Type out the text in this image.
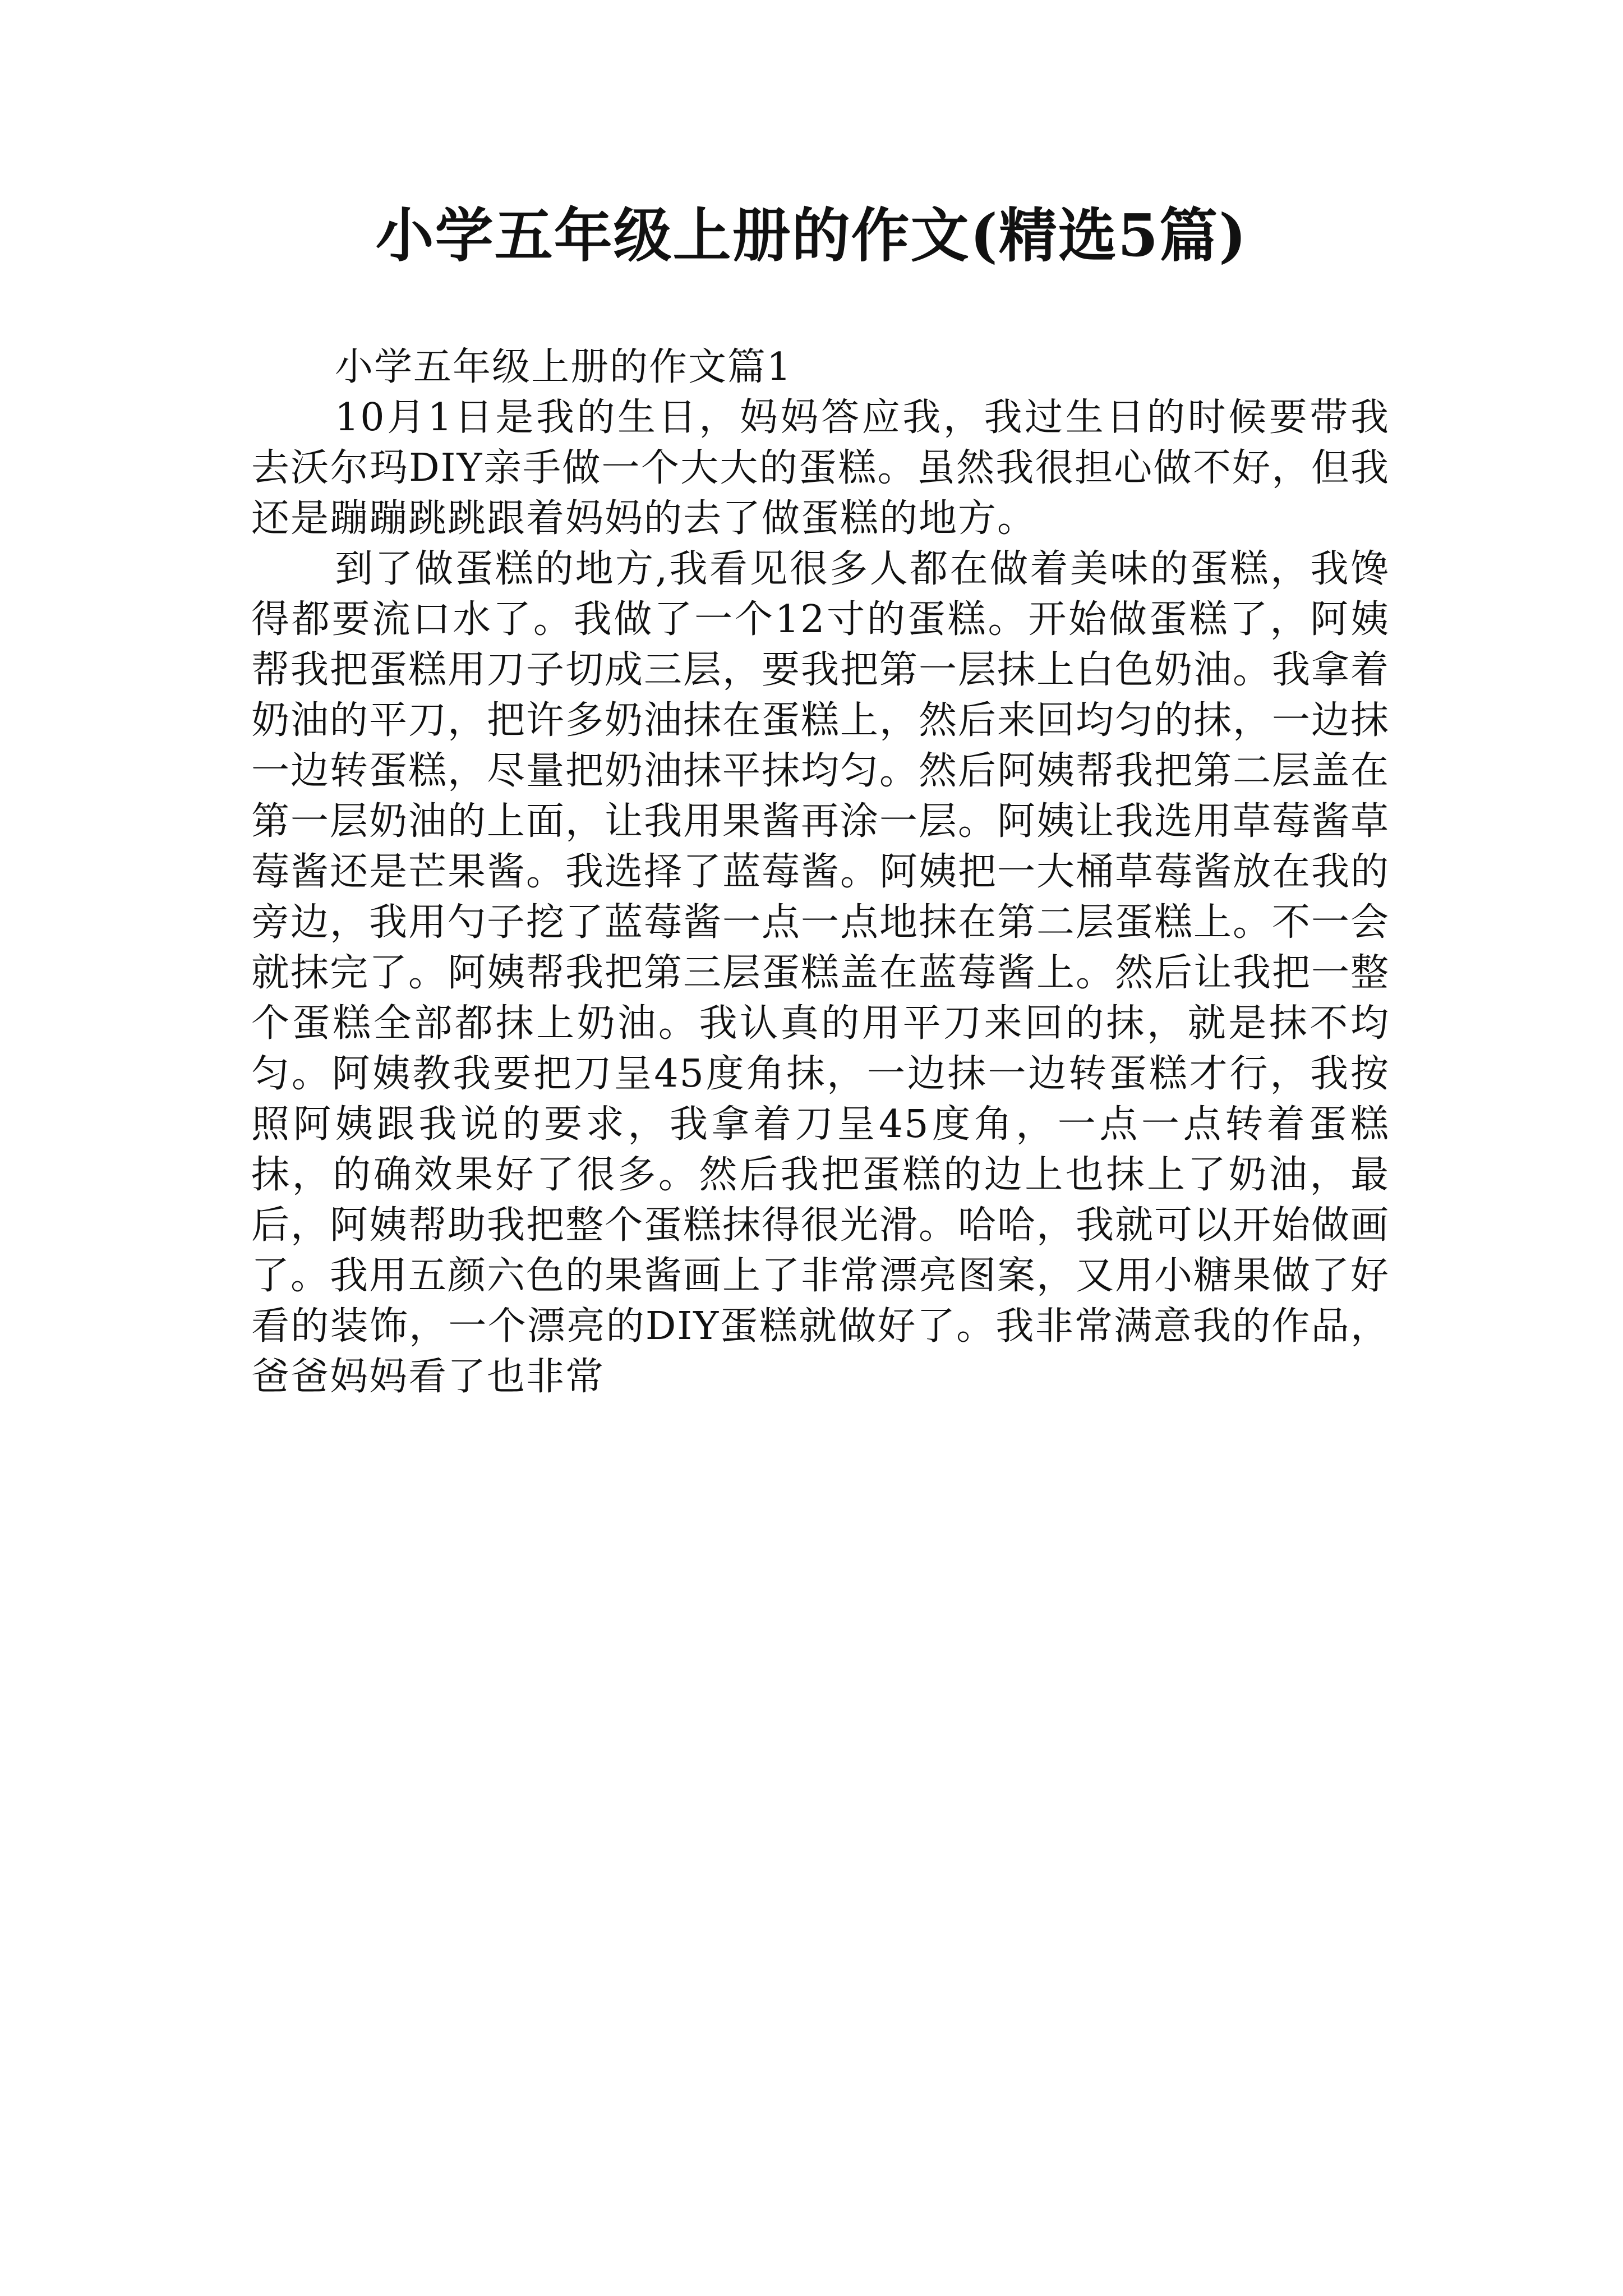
小学五年级上册的作文(精选5篇)
小学五年级上册的作文篇1

10月1日是我的生日，妈妈答应我，我过生日的时候要带我去沃尔玛DIY亲手做一个大大的蛋糕。虽然我很担心做不好，但我还是蹦蹦跳跳跟着妈妈的去了做蛋糕的地方。

到了做蛋糕的地方,我看见很多人都在做着美味的蛋糕，我馋得都要流口水了。我做了一个12寸的蛋糕。开始做蛋糕了，阿姨帮我把蛋糕用刀子切成三层，要我把第一层抹上白色奶油。我拿着奶油的平刀，把许多奶油抹在蛋糕上，然后来回均匀的抹，一边抹一边转蛋糕，尽量把奶油抹平抹均匀。然后阿姨帮我把第二层盖在第一层奶油的上面，让我用果酱再涂一层。阿姨让我选用草莓酱草莓酱还是芒果酱。我选择了蓝莓酱。阿姨把一大桶草莓酱放在我的旁边，我用勺子挖了蓝莓酱一点一点地抹在第二层蛋糕上。不一会就抹完了。阿姨帮我把第三层蛋糕盖在蓝莓酱上。然后让我把一整个蛋糕全部都抹上奶油。我认真的用平刀来回的抹，就是抹不均匀。阿姨教我要把刀呈45度角抹，一边抹一边转蛋糕才行，我按照阿姨跟我说的要求，我拿着刀呈45度角，一点一点转着蛋糕抹，的确效果好了很多。然后我把蛋糕的边上也抹上了奶油，最后，阿姨帮助我把整个蛋糕抹得很光滑。哈哈，我就可以开始做画了。我用五颜六色的果酱画上了非常漂亮图案，又用小糖果做了好看的装饰，一个漂亮的DIY蛋糕就做好了。我非常满意我的作品，爸爸妈妈看了也非常
